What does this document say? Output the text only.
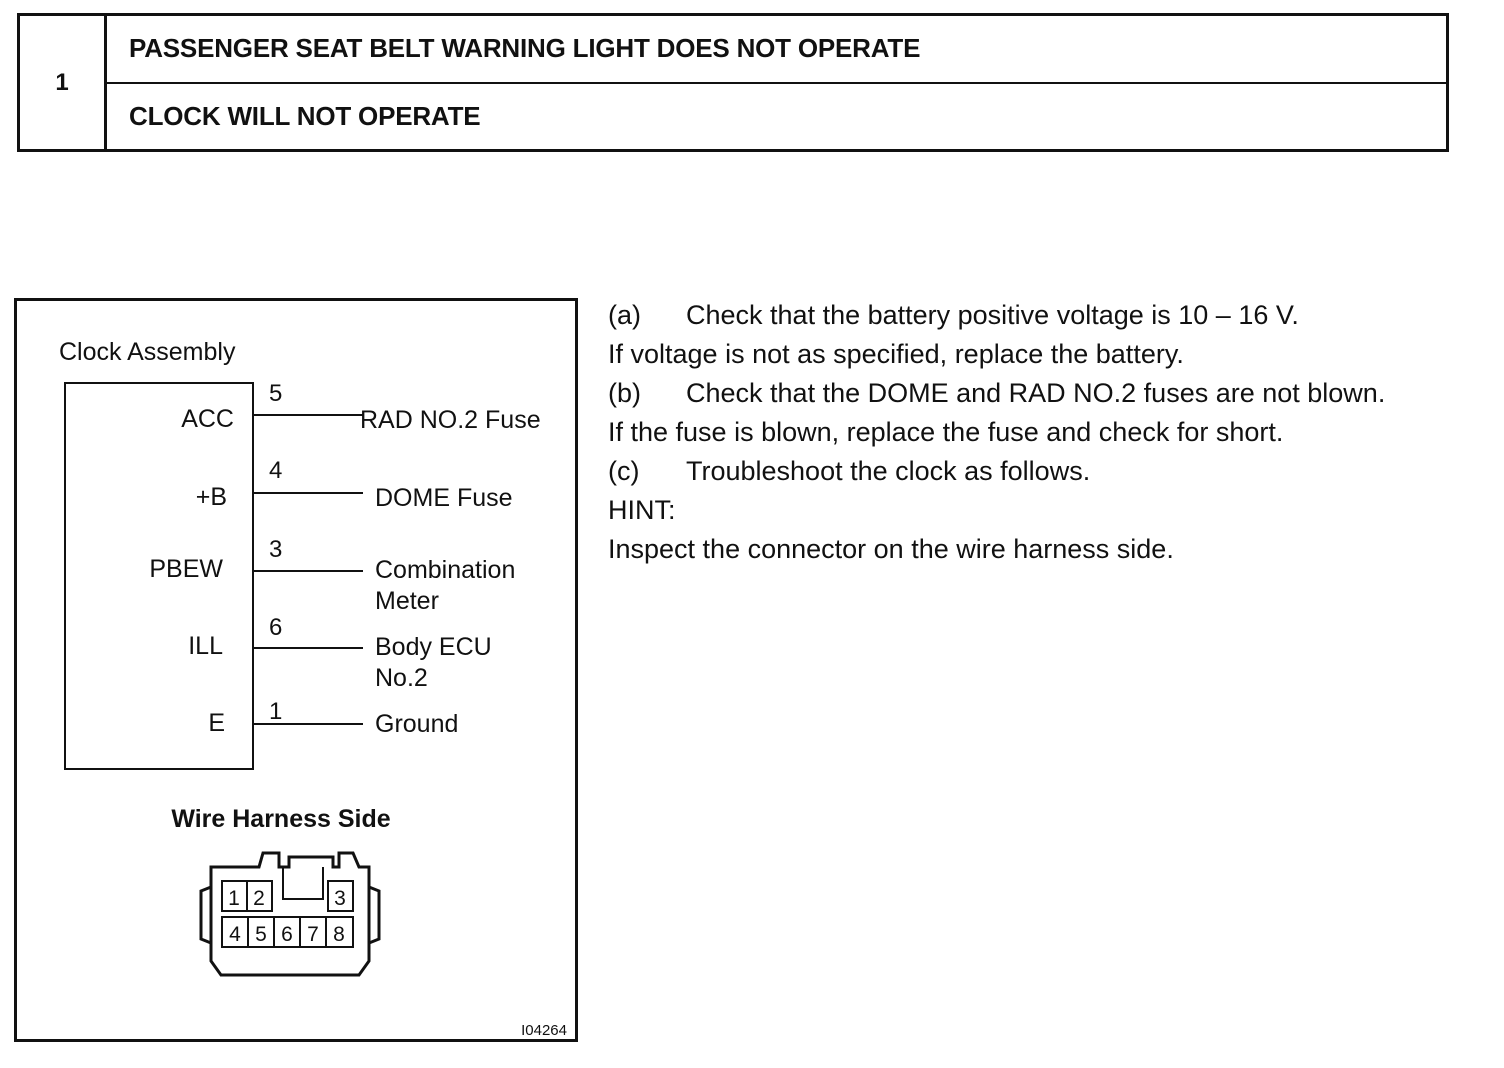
1
PASSENGER SEAT BELT WARNING LIGHT DOES NOT OPERATE
CLOCK WILL NOT OPERATE
Clock Assembly
ACC
5
RAD NO.2 Fuse
+B
4
DOME Fuse
PBEW
3
Combination
Meter
ILL
6
Body ECU
No.2
E 1	Ground
Wire Harness Side
1 2	3
4 5 6 7 8
I04264
(a)	Check that the battery positive voltage is 10 – 16 V.
If voltage is not as specified, replace the battery.
(b)	Check that the DOME and RAD NO.2 fuses are not blown.
If the fuse is blown, replace the fuse and check for short.
(c)	Troubleshoot the clock as follows.
HINT:
Inspect the connector on the wire harness side.
